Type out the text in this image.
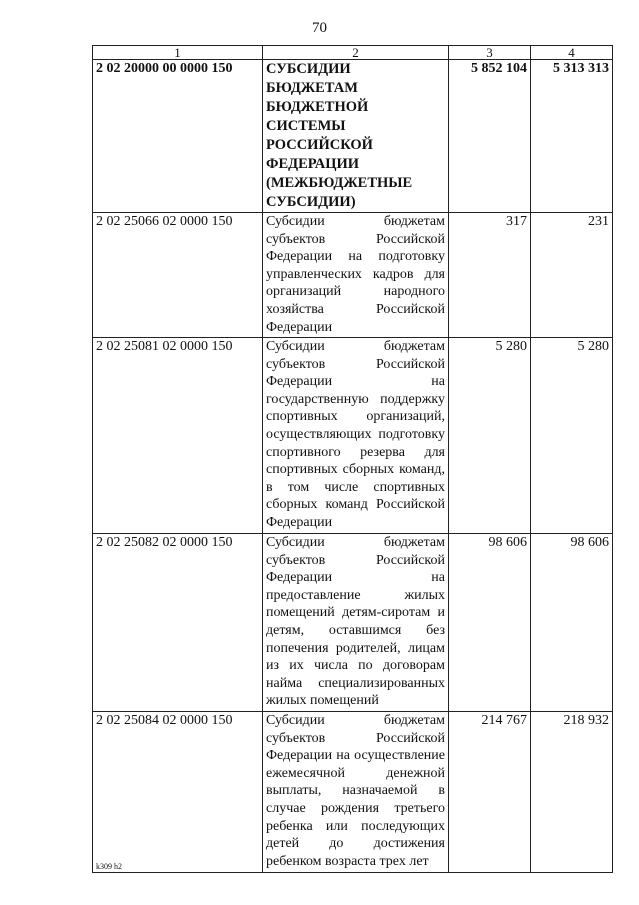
70
1	2	3	4
2 02 20000 00 0000 150	СУБСИДИИ БЮДЖЕТАМ БЮДЖЕТНОЙ СИСТЕМЫ РОССИЙСКОЙ ФЕДЕРАЦИИ (МЕЖБЮДЖЕТНЫЕ СУБСИДИИ)	5 852 104	5 313 313
2 02 25066 02 0000 150	Субсидии бюджетам субъектов Российской Федерации на подготовку управленческих кадров для организаций народного хозяйства Российской Федерации	317	231
2 02 25081 02 0000 150	Субсидии бюджетам субъектов Российской Федерации на государственную поддержку спортивных организаций, осуществляющих подготовку спортивного резерва для спортивных сборных команд, в том числе спортивных сборных команд Российской Федерации	5 280	5 280
2 02 25082 02 0000 150	Субсидии бюджетам субъектов Российской Федерации на предоставление жилых помещений детям-сиротам и детям, оставшимся без попечения родителей, лицам из их числа по договорам найма специализированных жилых помещений	98 606	98 606
2 02 25084 02 0000 150	Субсидии бюджетам субъектов Российской Федерации на осуществление ежемесячной денежной выплаты, назначаемой в случае рождения третьего ребенка или последующих детей до достижения ребенком возраста трех лет	214 767	218 932
k309 h2
